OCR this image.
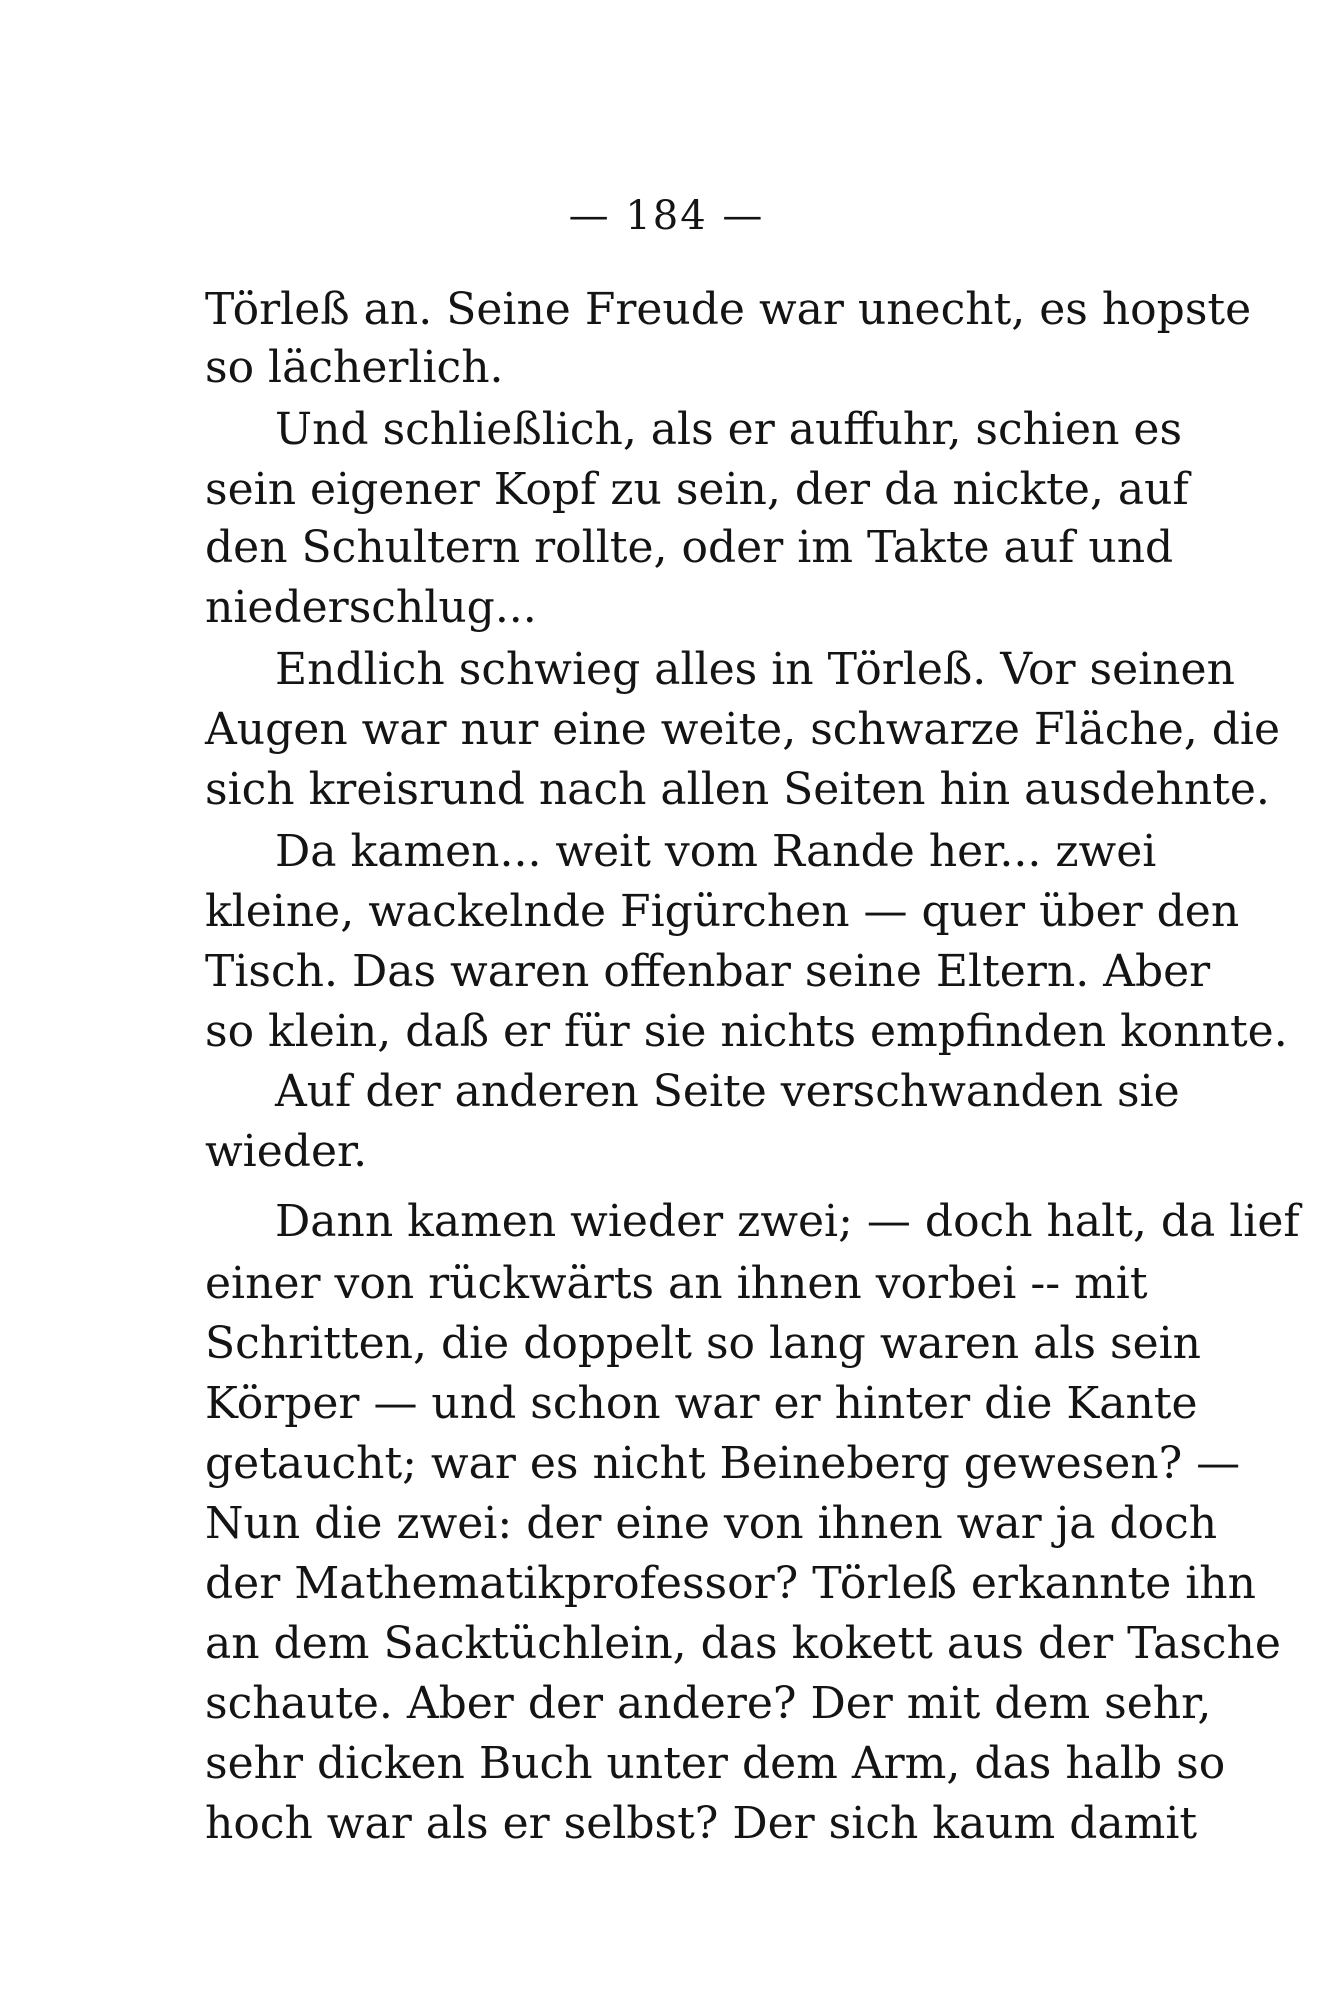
— 184 —
Törleß an. Seine Freude war unecht, es hopste
so lächerlich.
Und schließlich, als er auffuhr, schien es
sein eigener Kopf zu sein, der da nickte, auf
den Schultern rollte, oder im Takte auf und
niederschlug...
Endlich schwieg alles in Törleß. Vor seinen
Augen war nur eine weite, schwarze Fläche, die
sich kreisrund nach allen Seiten hin ausdehnte.
Da kamen... weit vom Rande her... zwei
kleine, wackelnde Figürchen — quer über den
Tisch. Das waren offenbar seine Eltern. Aber
so klein, daß er für sie nichts empfinden konnte.
Auf der anderen Seite verschwanden sie
wieder.
Dann kamen wieder zwei; — doch halt, da lief
einer von rückwärts an ihnen vorbei -- mit
Schritten, die doppelt so lang waren als sein
Körper — und schon war er hinter die Kante
getaucht; war es nicht Beineberg gewesen? —
Nun die zwei: der eine von ihnen war ja doch
der Mathematikprofessor? Törleß erkannte ihn
an dem Sacktüchlein, das kokett aus der Tasche
schaute. Aber der andere? Der mit dem sehr,
sehr dicken Buch unter dem Arm, das halb so
hoch war als er selbst? Der sich kaum damit
